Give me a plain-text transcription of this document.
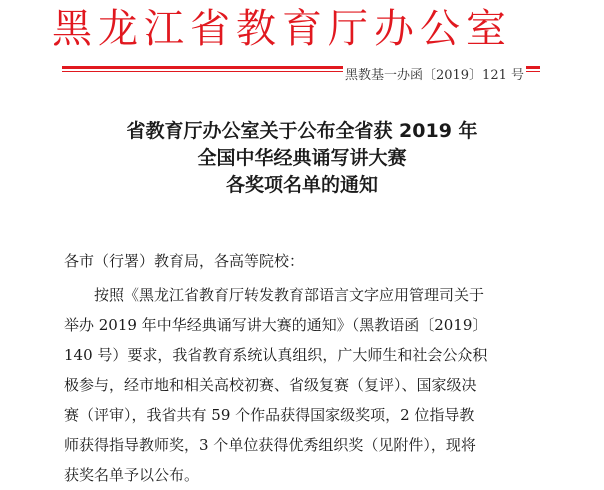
黑龙江省教育厅办公室
黑教基一办函〔2019〕121 号
省教育厅办公室关于公布全省获 2019 年
全国中华经典诵写讲大赛
各奖项名单的通知
各市（行署）教育局，各高等院校：
按照《黑龙江省教育厅转发教育部语言文字应用管理司关于
举办 2019 年中华经典诵写讲大赛的通知》（黑教语函〔2019〕
140 号）要求，我省教育系统认真组织，广大师生和社会公众积
极参与，经市地和相关高校初赛、省级复赛（复评）、国家级决
赛（评审），我省共有 59 个作品获得国家级奖项，2 位指导教
师获得指导教师奖，3 个单位获得优秀组织奖（见附件），现将
获奖名单予以公布。
